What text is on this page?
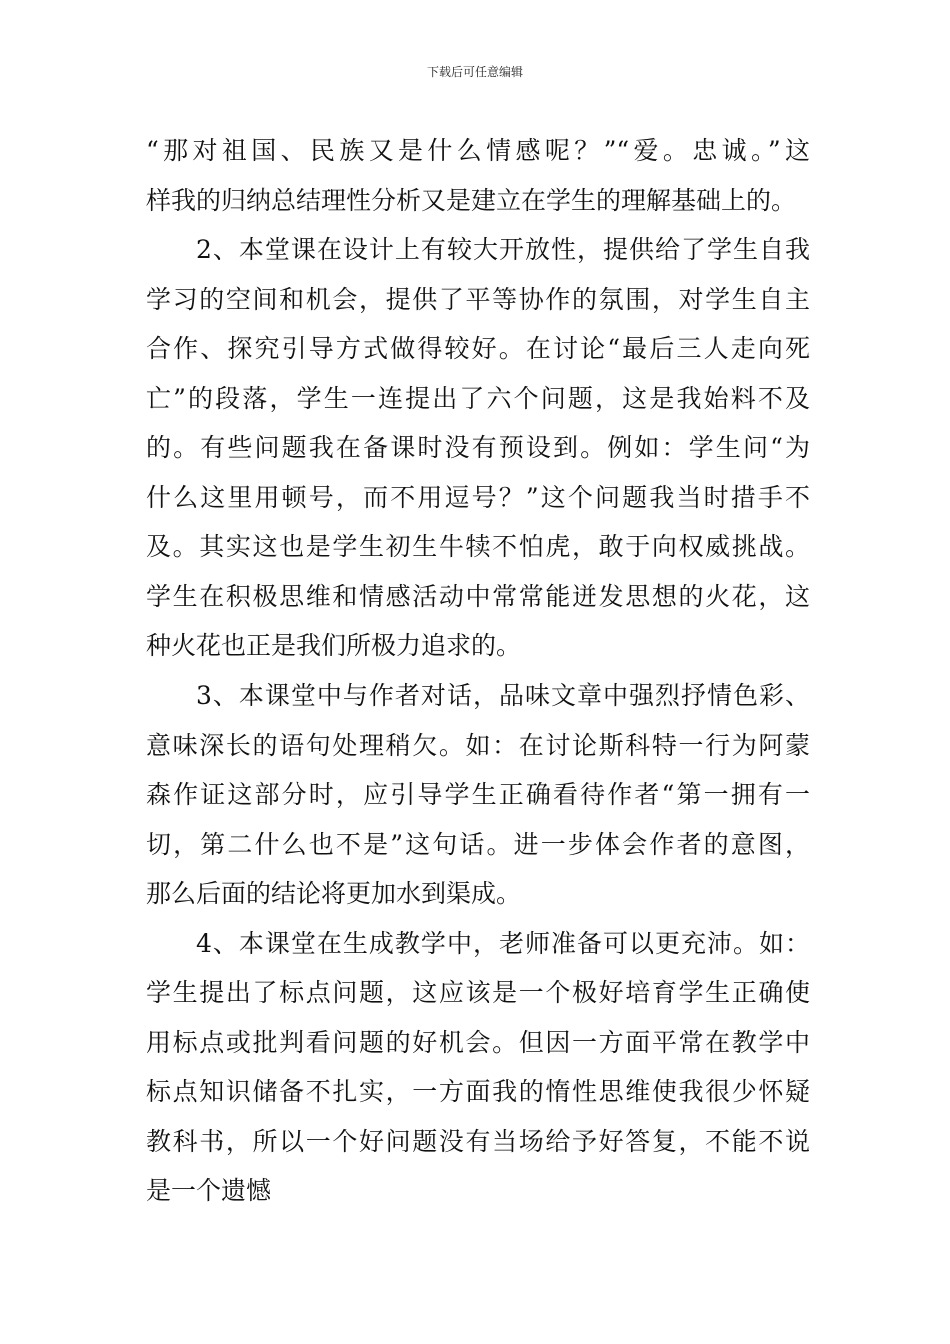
下载后可任意编辑
“那对祖国、民族又是什么情感呢？”“爱。忠诚。”这
样我的归纳总结理性分析又是建立在学生的理解基础上的。
2、本堂课在设计上有较大开放性，提供给了学生自我
学习的空间和机会，提供了平等协作的氛围，对学生自主
合作、探究引导方式做得较好。在讨论“最后三人走向死
亡”的段落，学生一连提出了六个问题，这是我始料不及
的。有些问题我在备课时没有预设到。例如：学生问“为
什么这里用顿号，而不用逗号？”这个问题我当时措手不
及。其实这也是学生初生牛犊不怕虎，敢于向权威挑战。
学生在积极思维和情感活动中常常能迸发思想的火花，这
种火花也正是我们所极力追求的。
3、本课堂中与作者对话，品味文章中强烈抒情色彩、
意味深长的语句处理稍欠。如：在讨论斯科特一行为阿蒙
森作证这部分时，应引导学生正确看待作者“第一拥有一
切，第二什么也不是”这句话。进一步体会作者的意图，
那么后面的结论将更加水到渠成。
4、本课堂在生成教学中，老师准备可以更充沛。如：
学生提出了标点问题，这应该是一个极好培育学生正确使
用标点或批判看问题的好机会。但因一方面平常在教学中
标点知识储备不扎实，一方面我的惰性思维使我很少怀疑
教科书，所以一个好问题没有当场给予好答复，不能不说
是一个遗憾
